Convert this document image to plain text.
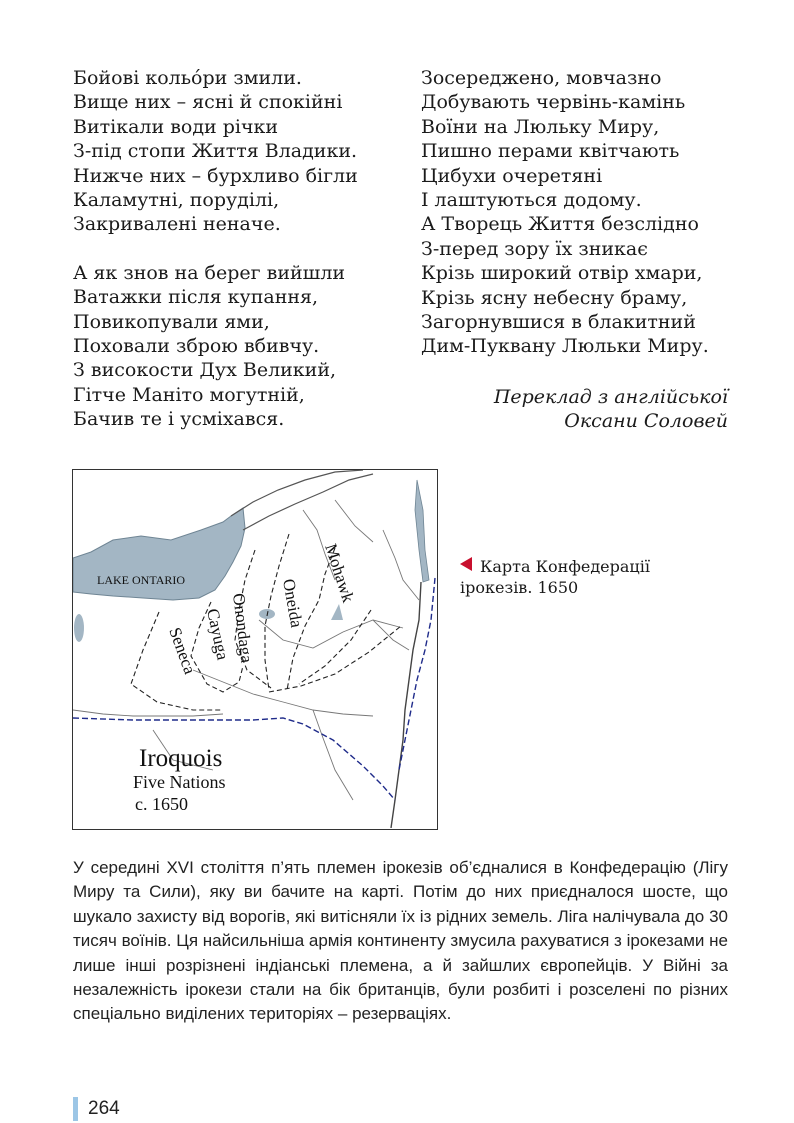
Бойові кольóри змили.
Вище них – ясні й спокійні
Витікали води річки
З-під стопи Життя Владики.
Нижче них – бурхливо бігли
Каламутні, поруділі,
Закривалені неначе.
А як знов на берег вийшли
Ватажки після купання,
Повикопували ями,
Поховали зброю вбивчу.
З високости Дух Великий,
Гітче Маніто могутній,
Бачив те і усміхався.
Зосереджено, мовчазно
Добувають червінь-камінь
Воїни на Люльку Миру,
Пишно перами квітчають
Цибухи очеретяні
І лаштуються додому.
А Творець Життя безслідно
З-перед зору їх зникає
Крізь широкий отвір хмари,
Крізь ясну небесну браму,
Загорнувшися в блакитний
Дим-Пуквану Люльки Миру.
Переклад з англійської
Оксани Соловей
LAKE ONTARIO	Mohawk
Oneida
Onondaga
Cayuga
Seneca
Iroquois
Five Nations
c. 1650
Карта Конфедерації
ірокезів. 1650
У середині XVI століття п’ять племен ірокезів об’єдналися в Конфедерацію (Лігу Миру та Сили), яку ви бачите на карті. Потім до них приєдналося шосте, що шукало захисту від ворогів, які витісняли їх із рідних земель. Ліга налічувала до 30 тисяч воїнів. Ця найсильніша армія континенту змусила рахуватися з ірокезами не лише інші розрізнені індіанські племена, а й зайшлих європейців. У Війні за незалежність ірокези стали на бік британців, були розбиті і розселені по різних спеціально виділених територіях – резерваціях.
264
